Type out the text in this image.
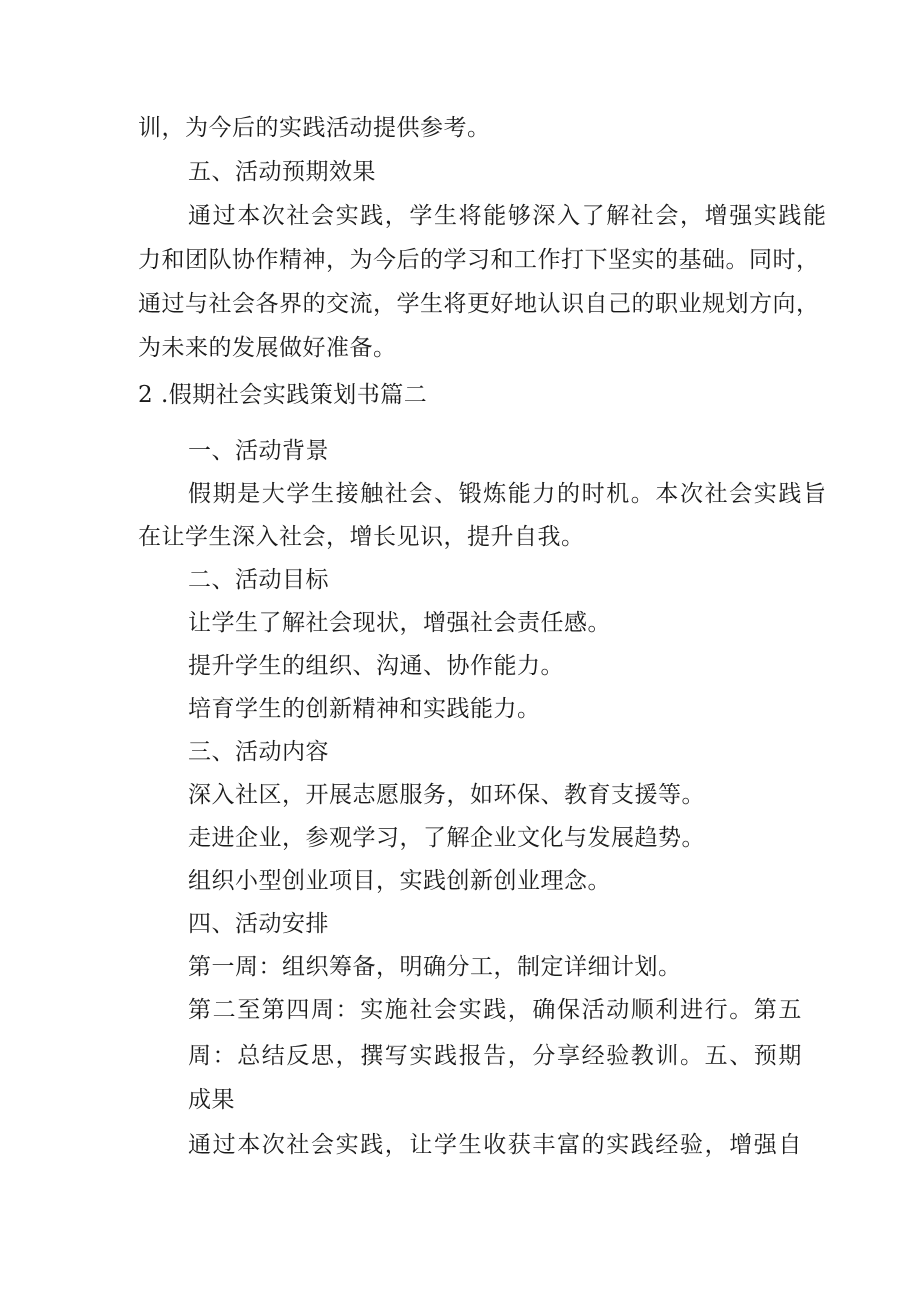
训，为今后的实践活动提供参考。
五、活动预期效果
通过本次社会实践，学生将能够深入了解社会，增强实践能
力和团队协作精神，为今后的学习和工作打下坚实的基础。同时，
通过与社会各界的交流，学生将更好地认识自己的职业规划方向，
为未来的发展做好准备。
2 .假期社会实践策划书篇二
一、活动背景
假期是大学生接触社会、锻炼能力的时机。本次社会实践旨
在让学生深入社会，增长见识，提升自我。
二、活动目标
让学生了解社会现状，增强社会责任感。
提升学生的组织、沟通、协作能力。
培育学生的创新精神和实践能力。
三、活动内容
深入社区，开展志愿服务，如环保、教育支援等。
走进企业，参观学习，了解企业文化与发展趋势。
组织小型创业项目，实践创新创业理念。
四、活动安排
第一周：组织筹备，明确分工，制定详细计划。
第二至第四周：实施社会实践，确保活动顺利进行。第五
周：总结反思，撰写实践报告，分享经验教训。五、预期
成果
通过本次社会实践，让学生收获丰富的实践经验，增强自
